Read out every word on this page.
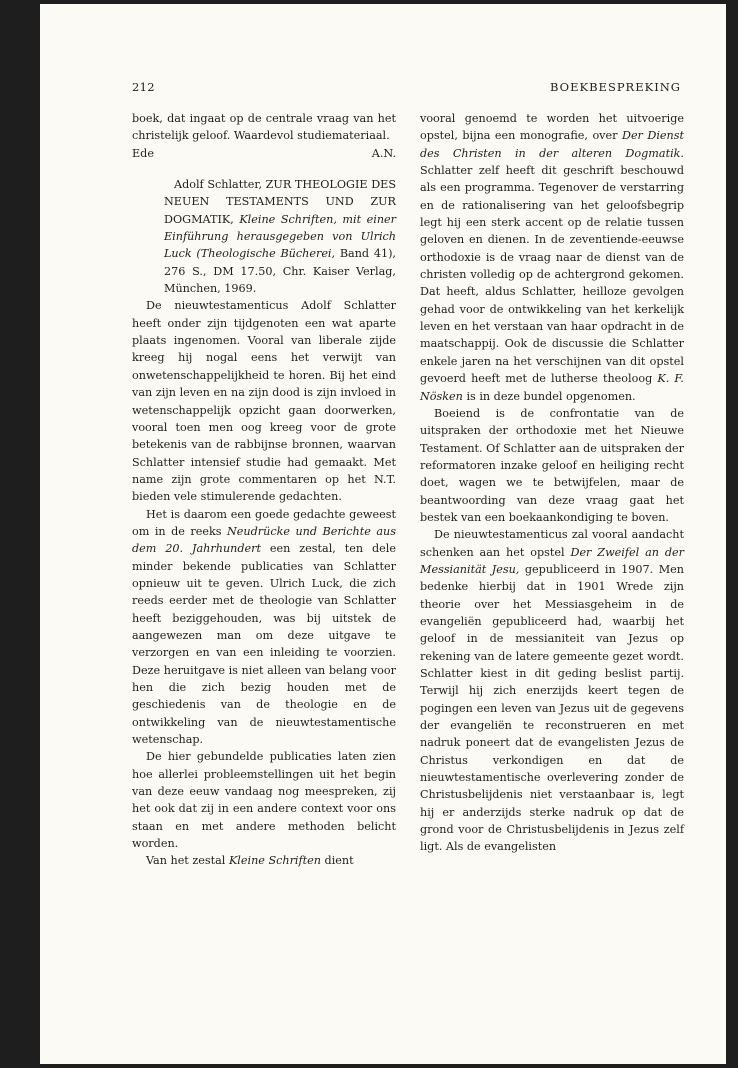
212	BOEKBESPREKING

boek, dat ingaat op de centrale vraag van het christelijk geloof. Waardevol studiemateriaal.

Ede	A.N.

Adolf Schlatter, ZUR THEOLOGIE DES NEUEN TESTAMENTS UND ZUR DOGMATIK, Kleine Schriften, mit einer Einführung herausgegeben von Ulrich Luck (Theologische Bücherei, Band 41), 276 S., DM 17.50, Chr. Kaiser Verlag, München, 1969.

De nieuwtestamenticus Adolf Schlatter heeft onder zijn tijdgenoten een wat aparte plaats ingenomen. Vooral van liberale zijde kreeg hij nogal eens het verwijt van onwetenschappelijkheid te horen. Bij het eind van zijn leven en na zijn dood is zijn invloed in wetenschappelijk opzicht gaan doorwerken, vooral toen men oog kreeg voor de grote betekenis van de rabbijnse bronnen, waarvan Schlatter intensief studie had gemaakt. Met name zijn grote commentaren op het N.T. bieden vele stimulerende gedachten.

Het is daarom een goede gedachte geweest om in de reeks Neudrücke und Berichte aus dem 20. Jahrhundert een zestal, ten dele minder bekende publicaties van Schlatter opnieuw uit te geven. Ulrich Luck, die zich reeds eerder met de theologie van Schlatter heeft beziggehouden, was bij uitstek de aangewezen man om deze uitgave te verzorgen en van een inleiding te voorzien. Deze heruitgave is niet alleen van belang voor hen die zich bezig houden met de geschiedenis van de theologie en de ontwikkeling van de nieuwtestamentische wetenschap.

De hier gebundelde publicaties laten zien hoe allerlei probleemstellingen uit het begin van deze eeuw vandaag nog meespreken, zij het ook dat zij in een andere context voor ons staan en met andere methoden belicht worden.

Van het zestal Kleine Schriften dient

vooral genoemd te worden het uitvoerige opstel, bijna een monografie, over Der Dienst des Christen in der alteren Dogmatik. Schlatter zelf heeft dit geschrift beschouwd als een programma. Tegenover de verstarring en de rationalisering van het geloofsbegrip legt hij een sterk accent op de relatie tussen geloven en dienen. In de zeventiende-eeuwse orthodoxie is de vraag naar de dienst van de christen volledig op de achtergrond gekomen. Dat heeft, aldus Schlatter, heilloze gevolgen gehad voor de ontwikkeling van het kerkelijk leven en het verstaan van haar opdracht in de maatschappij. Ook de discussie die Schlatter enkele jaren na het verschijnen van dit opstel gevoerd heeft met de lutherse theoloog K. F. Nösken is in deze bundel opgenomen.

Boeiend is de confrontatie van de uitspraken der orthodoxie met het Nieuwe Testament. Of Schlatter aan de uitspraken der reformatoren inzake geloof en heiliging recht doet, wagen we te betwijfelen, maar de beantwoording van deze vraag gaat het bestek van een boekaankondiging te boven.

De nieuwtestamenticus zal vooral aandacht schenken aan het opstel Der Zweifel an der Messianität Jesu, gepubliceerd in 1907. Men bedenke hierbij dat in 1901 Wrede zijn theorie over het Messiasgeheim in de evangeliën gepubliceerd had, waarbij het geloof in de messianiteit van Jezus op rekening van de latere gemeente gezet wordt. Schlatter kiest in dit geding beslist partij. Terwijl hij zich enerzijds keert tegen de pogingen een leven van Jezus uit de gegevens der evangeliën te reconstrueren en met nadruk poneert dat de evangelisten Jezus de Christus verkondigen en dat de nieuwtestamentische overlevering zonder de Christusbelijdenis niet verstaanbaar is, legt hij er anderzijds sterke nadruk op dat de grond voor de Christusbelijdenis in Jezus zelf ligt. Als de evangelisten
